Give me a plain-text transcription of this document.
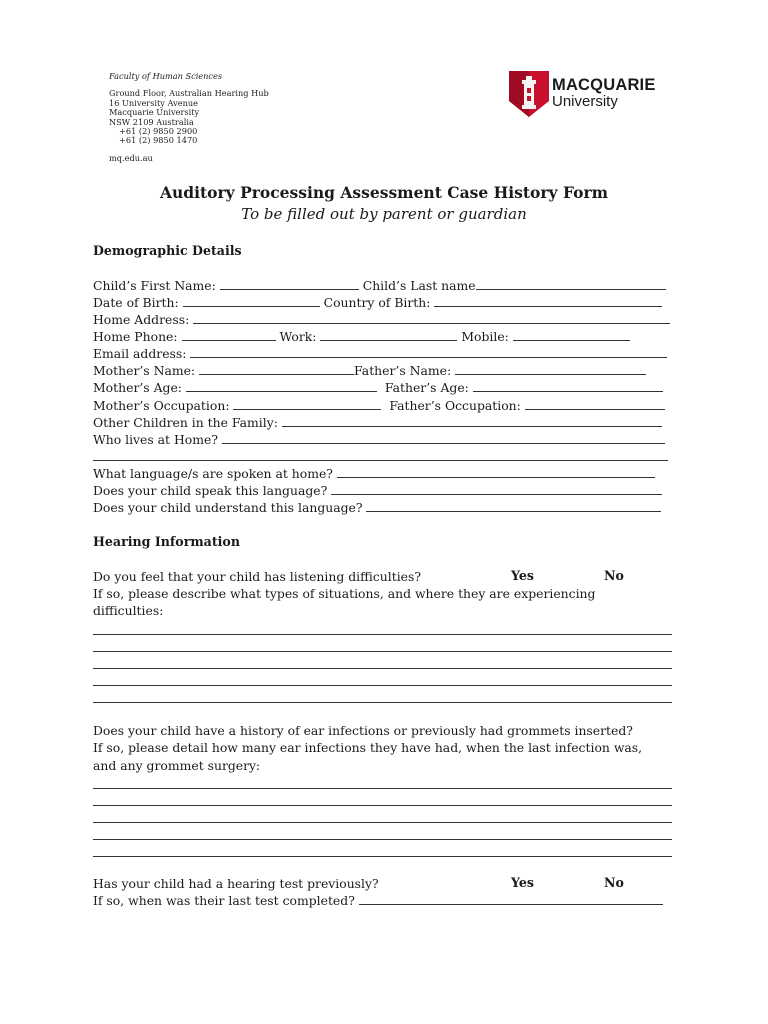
Faculty of Human Sciences
Ground Floor, Australian Hearing Hub
16 University Avenue
Macquarie University
NSW 2109 Australia
+61 (2) 9850 2900
+61 (2) 9850 1470
mq.edu.au
MACQUARIE
University
Auditory Processing Assessment Case History Form
To be filled out by parent or guardian
Demographic Details
Child’s First Name:	Child’s Last name
Date of Birth:	Country of Birth:
Home Address:
Home Phone:	Work:	Mobile:
Email address:
Mother’s Name:	Father’s Name:
Mother’s Age:	Father’s Age:
Mother’s Occupation:	Father’s Occupation:
Other Children in the Family:
Who lives at Home?
What language/s are spoken at home?
Does your child speak this language?
Does your child understand this language?
Hearing Information
Do you feel that your child has listening difficulties?	Yes	No
If so, please describe what types of situations, and where they are experiencing
difficulties:
Does your child have a history of ear infections or previously had grommets inserted?
If so, please detail how many ear infections they have had, when the last infection was,
and any grommet surgery:
Has your child had a hearing test previously?	Yes	No
If so, when was their last test completed?
